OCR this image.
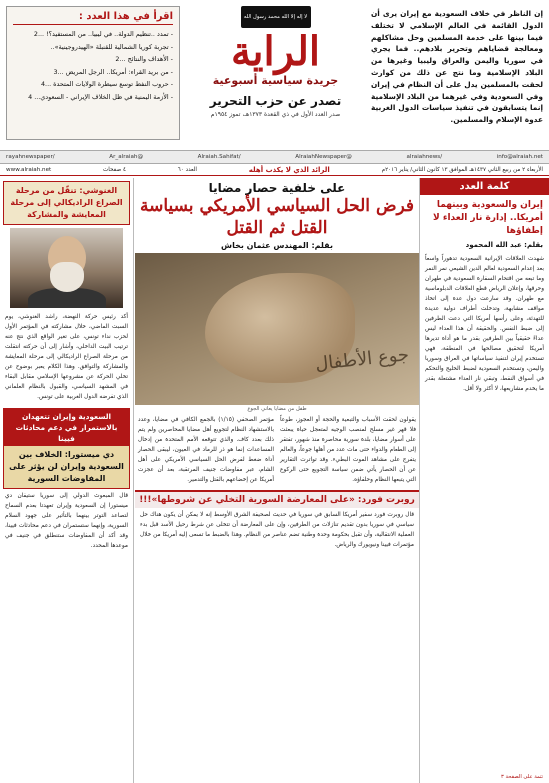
إن الناظر في خلاف السعودية مع إيران يرى أن الدول القائمة في العالم الإسلامي لا تختلف فيما بينها على خدمة المسلمين وحل مشاكلهم ومعالجة قضاياهم وتحرير بلادهم.. فما يجري في سوريا واليمن والعراق وليبيا وغيرها من البلاد الإسلامية وما نتج عن ذلك من كوارث لحقت بالمسلمين يدل على أن النظام في إيران وفي السعودية وفي غيرهما من البلاد الإسلامية إنما يتسابقون في تنفيذ سياسات الدول الغربية عدوة الإسلام والمسلمين.

لا إله إلا الله محمد رسول الله
الراية
جريدة سياسية أسبوعية
تصدر عن حزب التحرير
صدر العدد الأول في ذي القعدة ١٣٧٣هـ، تموز ١٩٥٤م
اقرأ في هذا العدد :
- تمدد ..تنظيم الدولة.. في ليبيا.. من المستفيد؟! ...2
- تجربة كوريا الشمالية للقنبلة «الهيدروجينية»..
- الأهداف والنتائج ...2
- من بريد القراء: أمريكا.. الرجل المريض ...3
- حروب النفط توسع سيطرة الولايات المتحدة ...4
- الأزمة اليمنية في ظل الخلاف الإيراني - السعودي... 4
info@alraiah.net
/alraiahnews
@AlraiahNewspaper
/Alraiah.Sahifat
@Ar_alraiah
/rayahnewspaper
الأربعاء ٢ من ربيع الثاني ١٤٣٧هـ الموافق ١٣ كانون الثاني/ يناير ٢٠١٦م
الرائد الذي لا يكذب أهله
العدد ٦٠
٤ صفحات
www.alraiah.net
كلمة العدد
إيران والسعودية وبينهما أمريكا.. إدارة نار العداء لا إطفاؤها
بقلم: عبد الله المحمود
شهدت العلاقات الإيرانية السعودية تدهوراً واسعاً بعد إعدام السعودية لعالم الدين الشيعي نمر النمر وما تبعه من اقتحام السفارة السعودية في طهران وحرقها، وإعلان الرياض قطع العلاقات الدبلوماسية مع طهران. وقد سارعت دول عدة إلى اتخاذ مواقف مشابهة، وتدخلت أطراف دولية عديدة للتهدئة، وعلى رأسها أمريكا التي دعت الطرفين إلى ضبط النفس. والحقيقة أن هذا العداء ليس عداءً حقيقياً بين الطرفين بقدر ما هو أداة تديرها أمريكا لتحقيق مصالحها في المنطقة، فهي تستخدم إيران لتنفيذ سياساتها في العراق وسوريا واليمن، وتستخدم السعودية لضبط الخليج والتحكم في أسواق النفط، وتبقي نار العداء مشتعلة بقدر ما يخدم مشاريعها، لا أكثر ولا أقل.
تتمة على الصفحة ٣
على خلفية حصار مضايا
فرض الحل السياسي الأمريكي بسياسة القتل ثم القتل
بقلم: المهندس عثمان بخاش
جوع الأطفال
طفل من مضايا يعاني الجوع
يقولون لحقت الأسباب والتبعية والحجة أو العجوز، طوعاً فلا قهر غير مسلح لمنصب الوجيه لمتعجل حياة يبعثت على أسوار مضايا، بلدة سورية محاصرة منذ شهور، تفتقر إلى الطعام والدواء حتى مات عدد من أهلها جوعاً، والعالم يتفرج على مشاهد الموت البطيء. وقد تواترت التقارير عن أن الحصار يأتي ضمن سياسة التجويع حتى الركوع التي يتبعها النظام وحلفاؤه.
مؤتمر الصحفي (١/١٥) بالجمع الكافي في مضايا، وعدد بالاستشهاد النظام لتجويع أهل مضايا المحاصرين ولم يتم ذلك بعدد كاف. والذي تتوقعه الأمم المتحدة من إدخال المساعدات إنما هو ذر للرماد في العيون، ليبقى الحصار أداة ضغط لفرض الحل السياسي الأمريكي على أهل الشام، عبر مفاوضات جنيف المرتقبة، بعد أن عجزت أمريكا عن إخضاعهم بالقتل والتدمير.
روبرت فورد: «على المعارضة السورية التخلي عن شروطها»!!!
قال روبرت فورد سفير أمريكا السابق في سوريا في حديث لصحيفة الشرق الأوسط إنه لا يمكن أن يكون هناك حل سياسي في سوريا بدون تقديم تنازلات من الطرفين، وإن على المعارضة أن تتخلى عن شرط رحيل الأسد قبل بدء العملية الانتقالية، وأن تقبل بحكومة وحدة وطنية تضم عناصر من النظام. وهذا بالضبط ما تسعى إليه أمريكا من خلال مؤتمرات فيينا ونيويورك والرياض.
الغنوشي: تنقّل من مرحلة الصراع الراديكالي إلى مرحلة المعايشة والمشاركة
أكد رئيس حركة النهضة، راشد الغنوشي، يوم السبت الماضي، خلال مشاركته في المؤتمر الأول لحزب نداء تونس، على تغير الواقع الذي نتج عنه ترتيب البيت الداخلي، وأشار إلى أن حركته انتقلت من مرحلة الصراع الراديكالي إلى مرحلة المعايشة والمشاركة والتوافق. وهذا الكلام يعبر بوضوح عن تخلي الحركة عن مشروعها الإسلامي مقابل البقاء في المشهد السياسي، والقبول بالنظام العلماني الذي تفرضه الدول الغربية على تونس.
السعودية وإيران تتعهدان بالاستمرار في دعم محادثات فيينا
دي ميستورا: الخلاف بين السعودية وإيران لن يؤثر على المفاوضات السورية
قال المبعوث الدولي إلى سوريا ستيفان دي ميستورا إن السعودية وإيران تعهدتا بعدم السماح لتصاعد التوتر بينهما بالتأثير على جهود السلام السورية، وإنهما ستستمران في دعم محادثات فيينا، وقد أكد أن المفاوضات ستنطلق في جنيف في موعدها المحدد.
